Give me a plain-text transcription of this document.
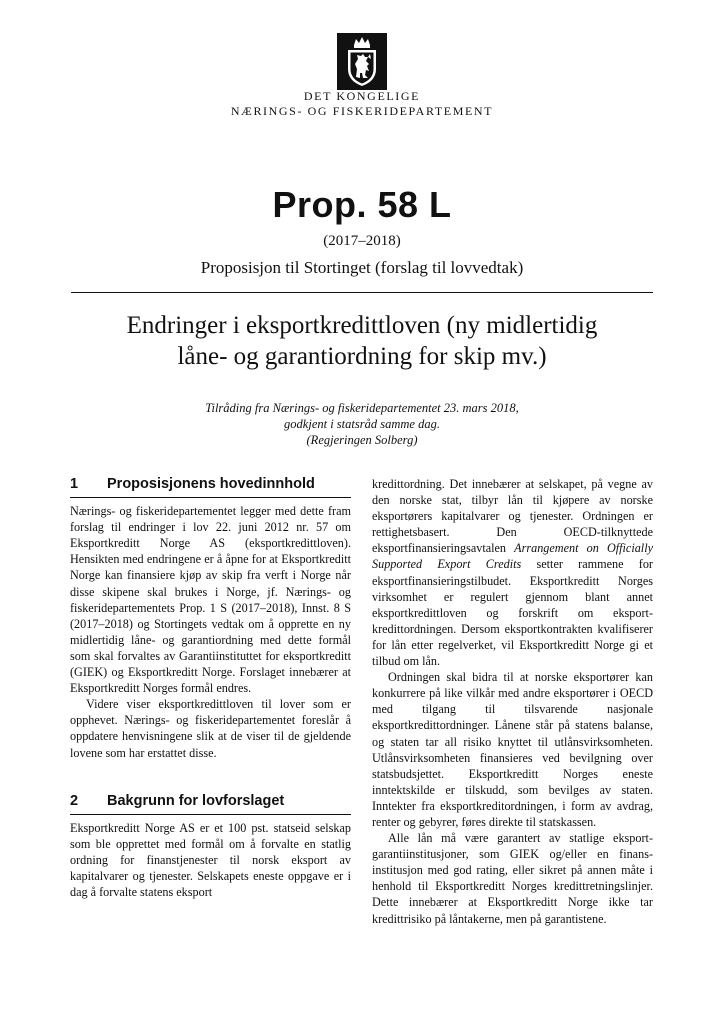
DET KONGELIGE
NÆRINGS- OG FISKERIDEPARTEMENT
Prop. 58 L
(2017–2018)
Proposisjon til Stortinget (forslag til lovvedtak)
Endringer i eksportkredittloven (ny midlertidig
låne- og garantiordning for skip mv.)
Tilråding fra Nærings- og fiskeridepartementet 23. mars 2018,
godkjent i statsråd samme dag.
(Regjeringen Solberg)
1	Proposisjonens hovedinnhold

Nærings- og fiskeridepartementet legger med dette fram forslag til endringer i lov 22. juni 2012 nr. 57 om Eksportkreditt Norge AS (eksportkredittloven). Hensikten med endringene er å åpne for at Eksportkreditt Norge kan finansiere kjøp av skip fra verft i Norge når disse skipene skal brukes i Norge, jf. Nærings- og fiskeridepartementets Prop. 1 S (2017–2018), Innst. 8 S (2017–2018) og Stortingets vedtak om å opprette en ny midlertidig låne- og garantiordning med dette formål som skal forvaltes av Garantiinstituttet for eksportkreditt (GIEK) og Eksportkreditt Norge. Forslaget innebærer at Eksportkreditt Norges formål endres.

Videre viser eksportkredittloven til lover som er opphevet. Nærings- og fiskeridepartementet foreslår å oppdatere henvisningene slik at de viser til de gjeldende lovene som har erstattet disse.

2	Bakgrunn for lovforslaget

Eksportkreditt Norge AS er et 100 pst. statseid selskap som ble opprettet med formål om å forvalte en statlig ordning for finanstjenester til norsk eksport av kapitalvarer og tjenester. Selskapets eneste oppgave er i dag å forvalte statens eksport

kredittordning. Det innebærer at selskapet, på vegne av den norske stat, tilbyr lån til kjøpere av norske eksportørers kapitalvarer og tjenester. Ordningen er rettighetsbasert. Den OECD-tilknyttede eksportfinansieringsavtalen Arrangement on Officially Supported Export Credits setter rammene for eksportfinansieringstilbudet. Eksportkreditt Norges virksomhet er regulert gjennom blant annet eksportkredittloven og forskrift om eksportkredittordningen. Dersom eksportkontrakten kvalifiserer for lån etter regelverket, vil Eksportkreditt Norge gi et tilbud om lån.

Ordningen skal bidra til at norske eksportører kan konkurrere på like vilkår med andre eksportører i OECD med tilgang til tilsvarende nasjonale eksportkredittordninger. Lånene står på statens balanse, og staten tar all risiko knyttet til utlånsvirksomheten. Utlånsvirksomheten finansieres ved bevilgning over statsbudsjettet. Eksportkreditt Norges eneste inntektskilde er tilskudd, som bevilges av staten. Inntekter fra eksportkreditordningen, i form av avdrag, renter og gebyrer, føres direkte til statskassen.

Alle lån må være garantert av statlige eksportgarantiinstitusjoner, som GIEK og/eller en finansinstitusjon med god rating, eller sikret på annen måte i henhold til Eksportkreditt Norges kredittretningslinjer. Dette innebærer at Eksportkreditt Norge ikke tar kredittrisiko på låntakerne, men på garantistene.
